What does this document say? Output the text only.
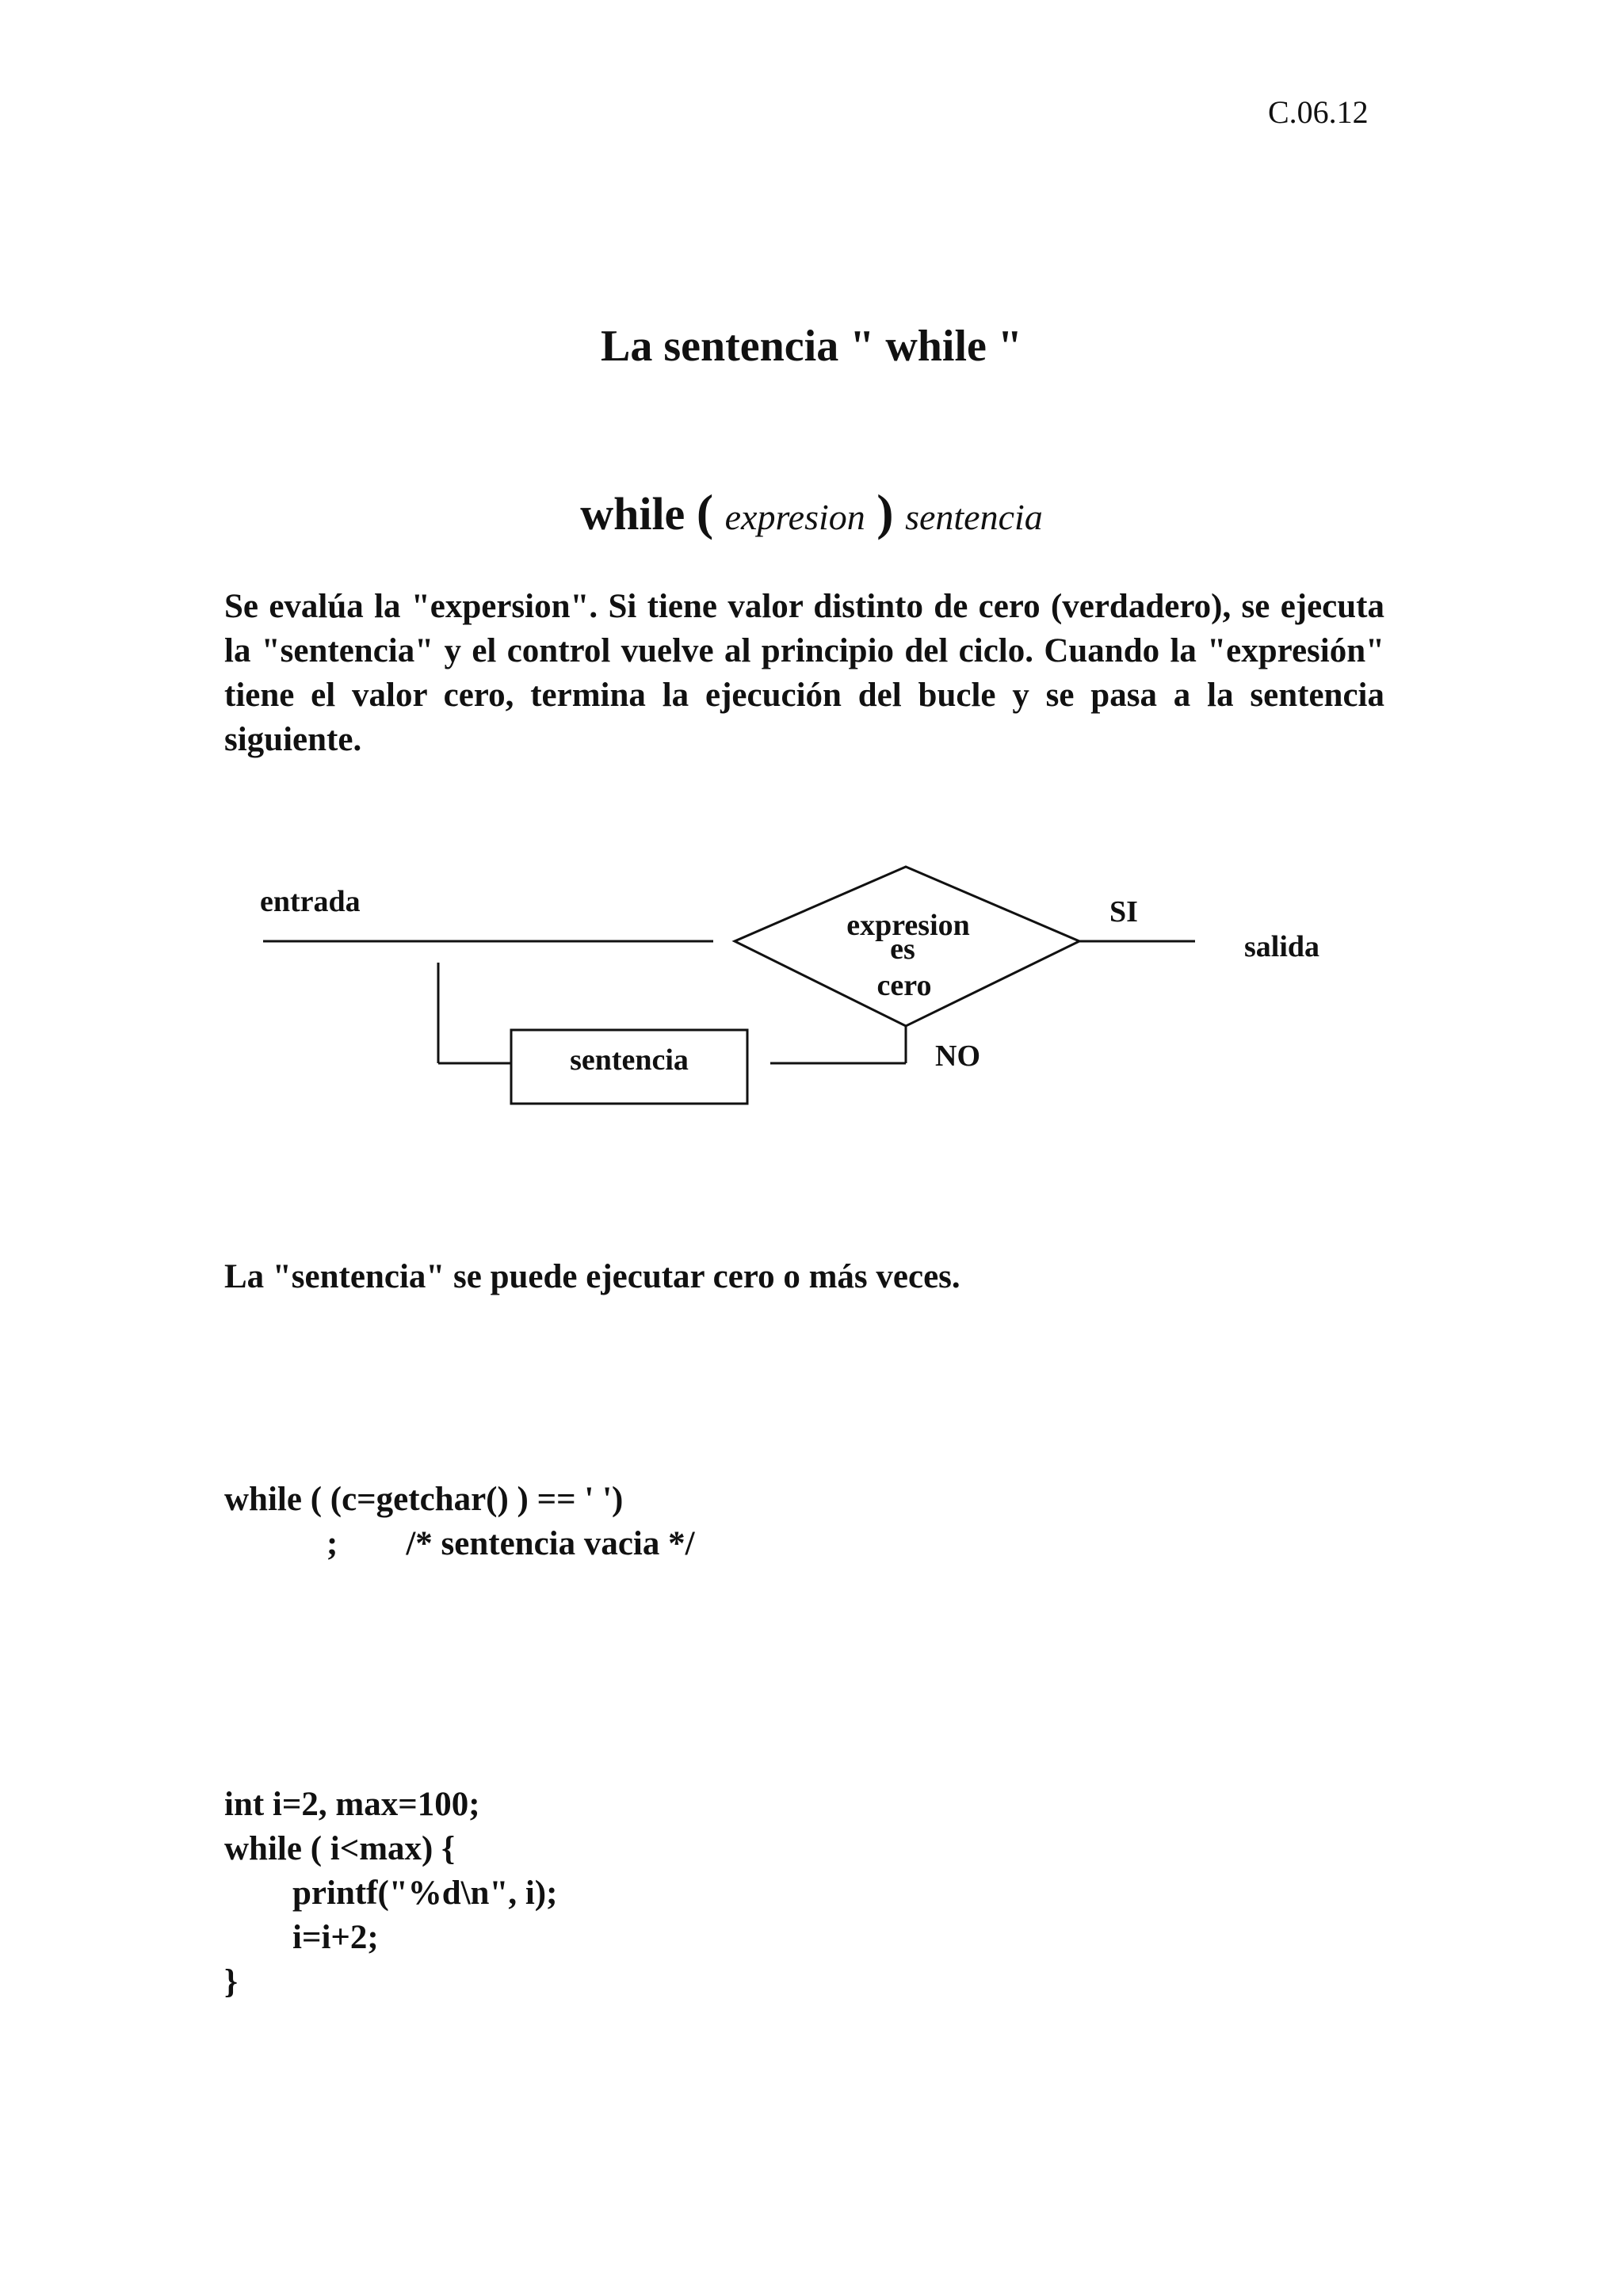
C.06.12
La sentencia " while "
while ( expresion ) sentencia
Se evalúa la "expersion". Si tiene valor distinto de cero (verdadero), se ejecuta la "sentencia" y el control vuelve al principio del ciclo. Cuando la "expresión" tiene el valor cero, termina la ejecución del bucle y se pasa a la sentencia siguiente.
entrada
expresion
es
cero
SI
salida
NO
sentencia
La "sentencia" se puede ejecutar cero o más veces.
while ( (c=getchar() ) == ' ')
;        /* sentencia vacia */
int i=2, max=100;
while ( i<max) {
printf("%d\n", i);
i=i+2;
}
